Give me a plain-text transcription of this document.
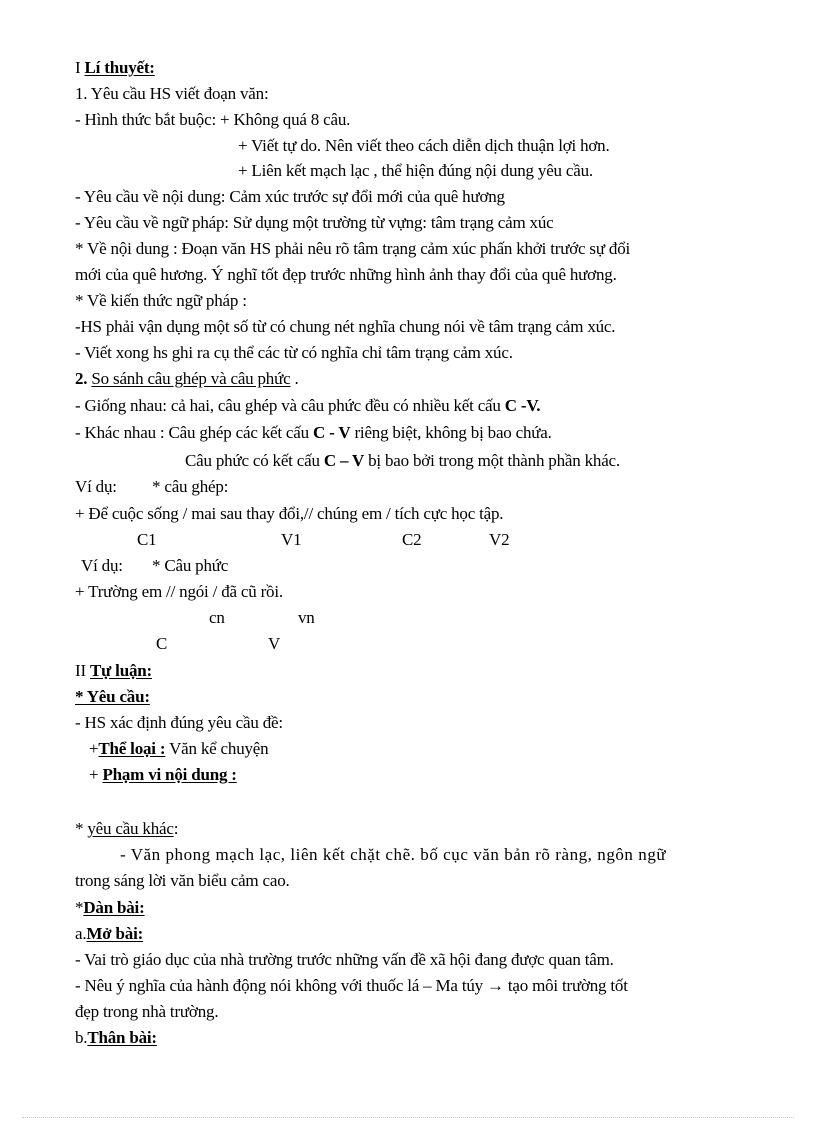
I Lí thuyết:
1. Yêu cầu HS viết đoạn văn:
- Hình thức bắt buộc: + Không quá 8 câu.
+ Viết tự do. Nên viết theo cách diễn dịch thuận lợi hơn.
+ Liên kết mạch lạc , thể hiện đúng nội dung yêu cầu.
- Yêu cầu về nội dung: Cảm xúc trước sự đổi mới của quê hương
- Yêu cầu về ngữ pháp: Sử dụng một trường từ vựng: tâm trạng cảm xúc
* Về nội dung : Đoạn văn HS phải nêu rõ tâm trạng cảm xúc phấn khởi trước sự đổi
mới của quê hương. Ý nghĩ tốt đẹp trước những hình ảnh thay đổi của quê hương.
* Về kiến thức ngữ pháp :
-HS phải vận dụng một số từ có chung nét nghĩa chung nói về tâm trạng cảm xúc.
- Viết xong hs ghi ra cụ thể các từ có nghĩa chỉ tâm trạng cảm xúc.
2. So sánh câu ghép và câu phức .
- Giống nhau: cả hai, câu ghép và câu phức đều có nhiều kết cấu C -V.
- Khác nhau : Câu ghép các kết cấu C - V riêng biệt, không bị bao chứa.
Câu phức có kết cấu C – V bị bao bởi trong một thành phần khác.
Ví dụ: * câu ghép:
+ Để cuộc sống / mai sau thay đổi,// chúng em / tích cực học tập.
C1	V1	C2	V2
Ví dụ: * Câu phức
+ Trường em // ngói / đã cũ rồi.
cn	vn
C	V
II Tự luận:
* Yêu cầu:
- HS xác định đúng yêu cầu đề:
+Thể loại : Văn kể chuyện
+ Phạm vi nội dung :
* yêu cầu khác:
- Văn phong mạch lạc, liên kết chặt chẽ. bố cục văn bản rõ ràng, ngôn ngữ
trong sáng lời văn biểu cảm cao.
*Dàn bài:
a.Mở bài:
- Vai trò giáo dục của nhà trường trước những vấn đề xã hội đang được quan tâm.
- Nêu ý nghĩa của hành động nói không với thuốc lá – Ma túy → tạo môi trường tốt
đẹp trong nhà trường.
b.Thân bài:
